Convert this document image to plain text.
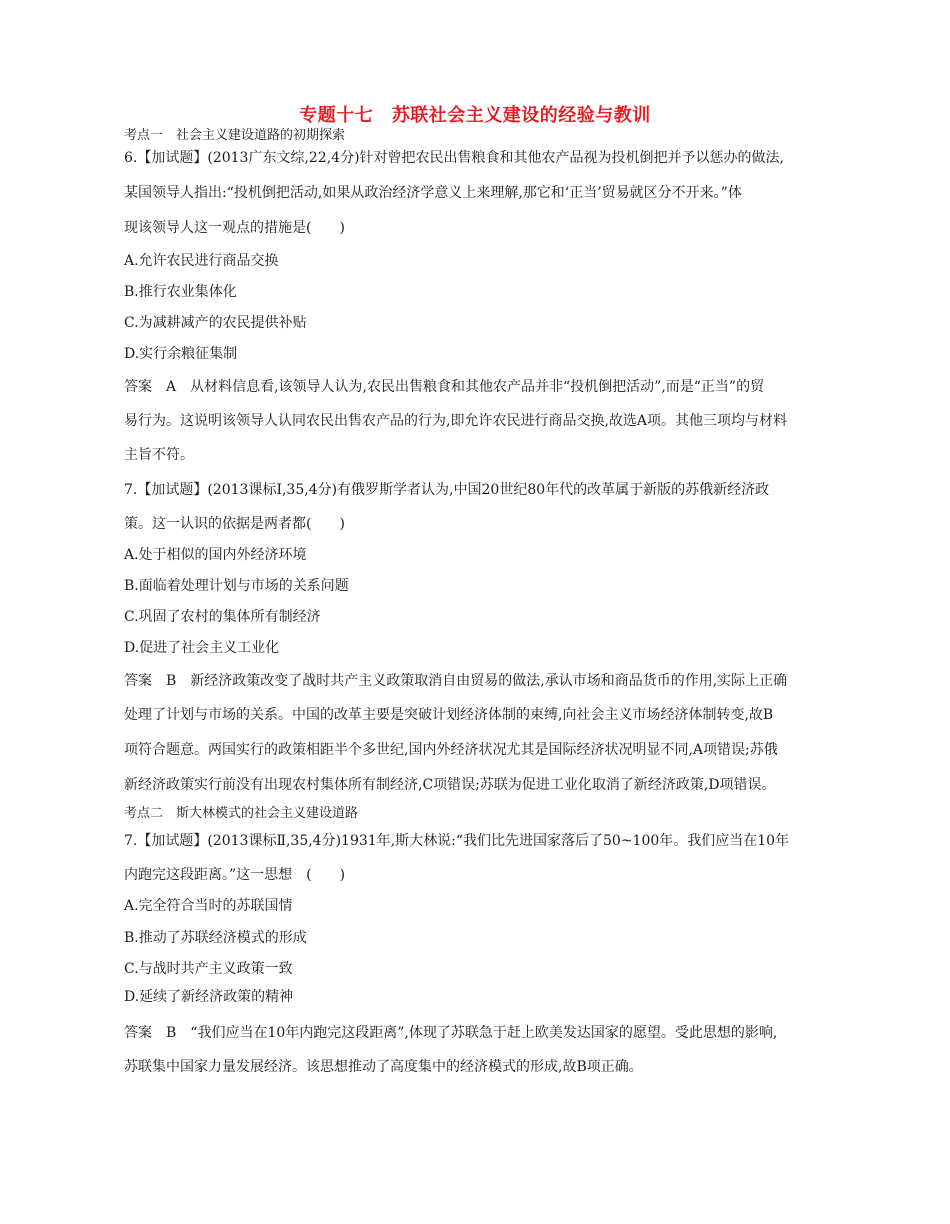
专题十七　苏联社会主义建设的经验与教训
考点一　社会主义建设道路的初期探索
6.【加试题】(2013广东文综,22,4分)针对曾把农民出售粮食和其他农产品视为投机倒把并予以惩办的做法,
某国领导人指出:“投机倒把活动,如果从政治经济学意义上来理解,那它和‘正当’贸易就区分不开来。”体
现该领导人这一观点的措施是(　　)
A.允许农民进行商品交换
B.推行农业集体化
C.为减耕减产的农民提供补贴
D.实行余粮征集制
答案　A　从材料信息看,该领导人认为,农民出售粮食和其他农产品并非“投机倒把活动”,而是“正当”的贸
易行为。这说明该领导人认同农民出售农产品的行为,即允许农民进行商品交换,故选A项。其他三项均与材料
主旨不符。
7.【加试题】(2013课标Ⅰ,35,4分)有俄罗斯学者认为,中国20世纪80年代的改革属于新版的苏俄新经济政
策。这一认识的依据是两者都(　　)
A.处于相似的国内外经济环境
B.面临着处理计划与市场的关系问题
C.巩固了农村的集体所有制经济
D.促进了社会主义工业化
答案　B　新经济政策改变了战时共产主义政策取消自由贸易的做法,承认市场和商品货币的作用,实际上正确
处理了计划与市场的关系。中国的改革主要是突破计划经济体制的束缚,向社会主义市场经济体制转变,故B
项符合题意。两国实行的政策相距半个多世纪,国内外经济状况尤其是国际经济状况明显不同,A项错误;苏俄
新经济政策实行前没有出现农村集体所有制经济,C项错误;苏联为促进工业化取消了新经济政策,D项错误。
考点二　斯大林模式的社会主义建设道路
7.【加试题】(2013课标Ⅱ,35,4分)1931年,斯大林说:“我们比先进国家落后了50~100年。我们应当在10年
内跑完这段距离。”这一思想　(　　)
A.完全符合当时的苏联国情
B.推动了苏联经济模式的形成
C.与战时共产主义政策一致
D.延续了新经济政策的精神
答案　B　“我们应当在10年内跑完这段距离”,体现了苏联急于赶上欧美发达国家的愿望。受此思想的影响,
苏联集中国家力量发展经济。该思想推动了高度集中的经济模式的形成,故B项正确。
